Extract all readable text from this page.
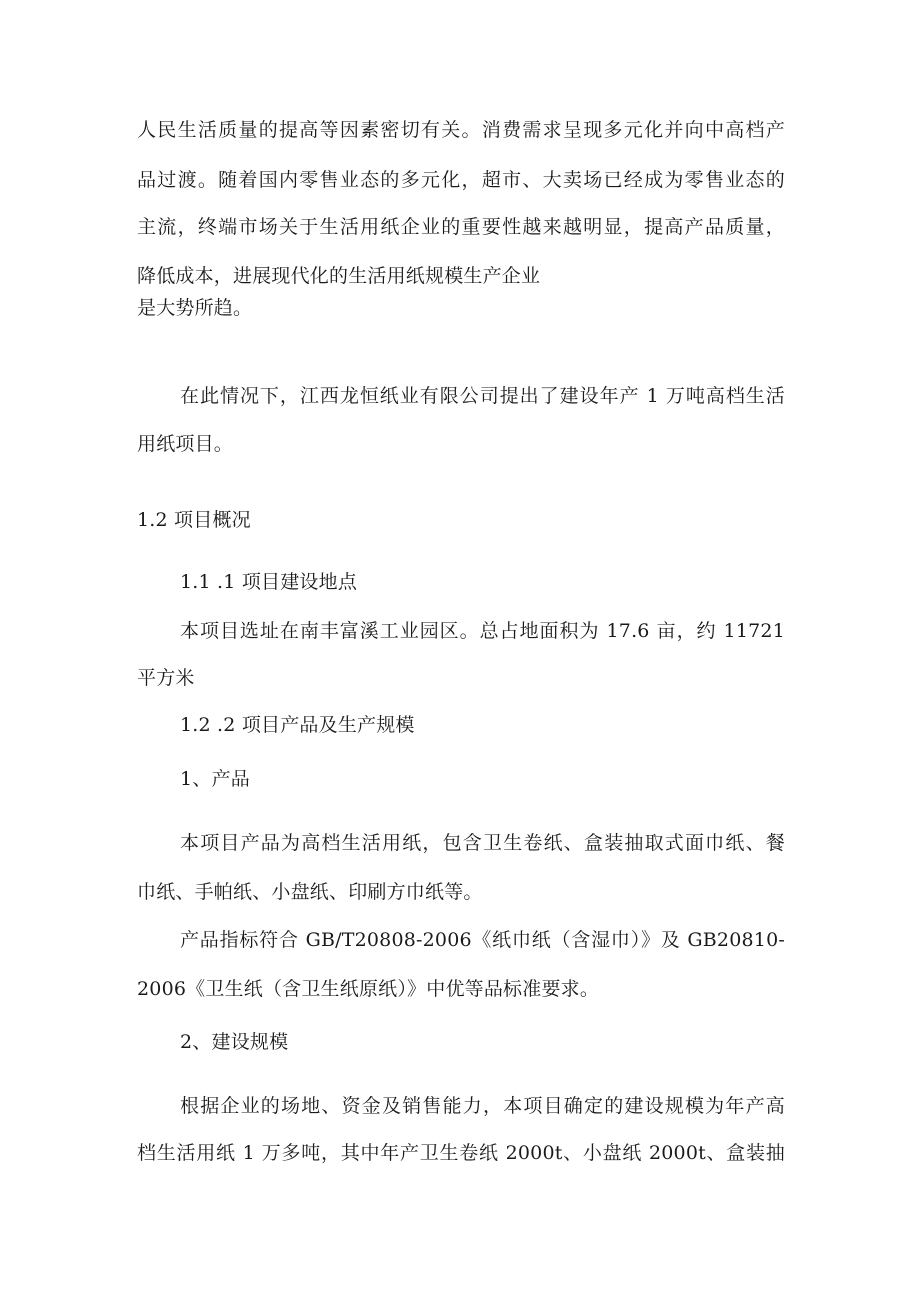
人民生活质量的提高等因素密切有关。消费需求呈现多元化并向中高档产
品过渡。随着国内零售业态的多元化，超市、大卖场已经成为零售业态的
主流，终端市场关于生活用纸企业的重要性越来越明显，提高产品质量，
降低成本，进展现代化的生活用纸规模生产企业
是大势所趋。
在此情况下，江西龙恒纸业有限公司提出了建设年产 1 万吨高档生活
用纸项目。
1.2 项目概况
1.1 .1 项目建设地点
本项目选址在南丰富溪工业园区。总占地面积为 17.6 亩，约 11721
平方米
1.2 .2 项目产品及生产规模
1、产品
本项目产品为高档生活用纸，包含卫生卷纸、盒装抽取式面巾纸、餐
巾纸、手帕纸、小盘纸、印刷方巾纸等。
产品指标符合 GB/T20808-2006《纸巾纸（含湿巾）》及 GB20810-
2006《卫生纸（含卫生纸原纸）》中优等品标准要求。
2、建设规模
根据企业的场地、资金及销售能力，本项目确定的建设规模为年产高
档生活用纸 1 万多吨，其中年产卫生卷纸 2000t、小盘纸 2000t、盒装抽
